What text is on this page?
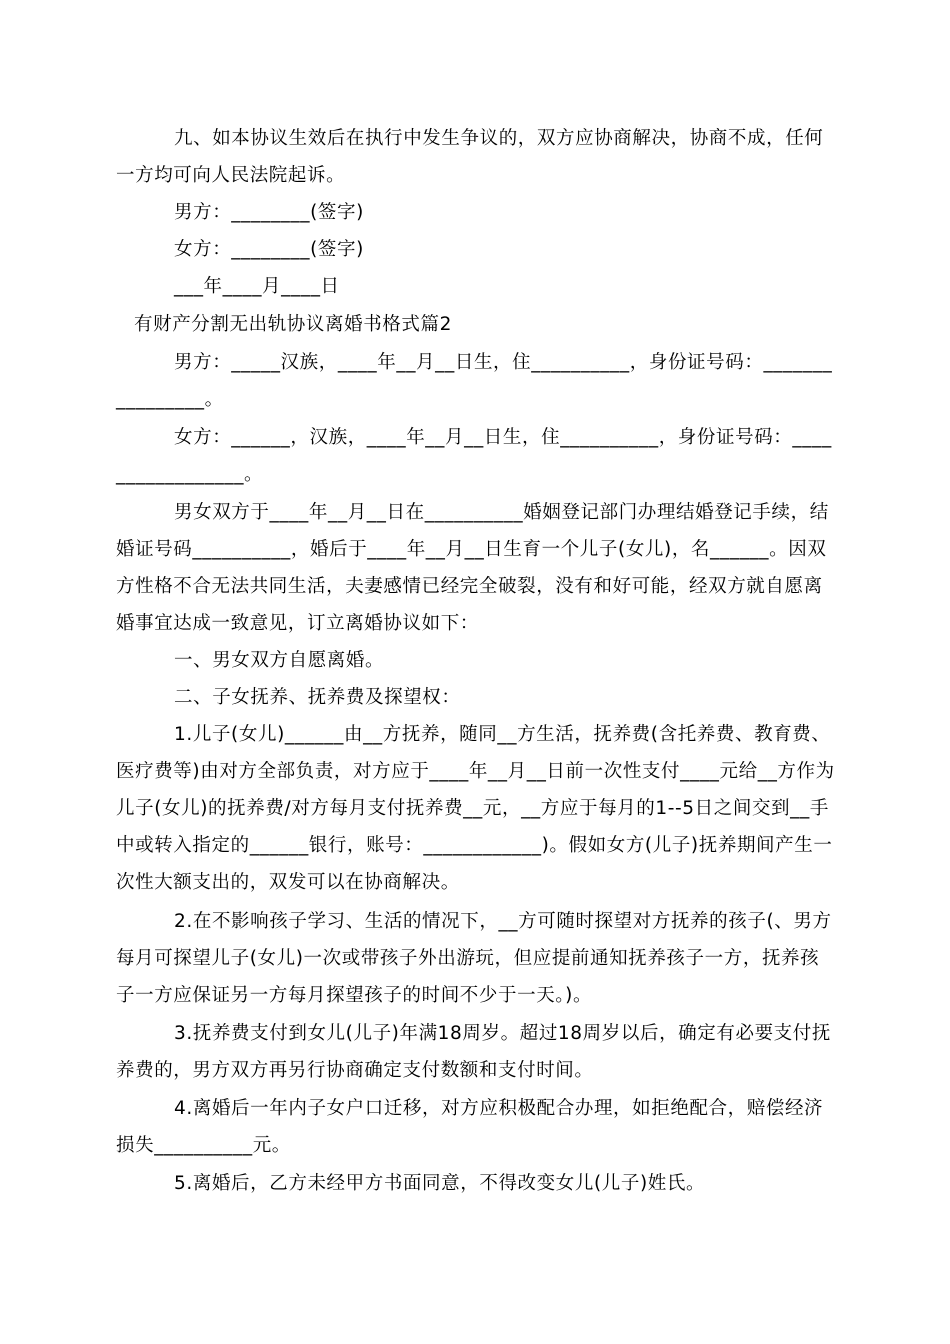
九、如本协议生效后在执行中发生争议的，双方应协商解决，协商不成，任何一方均可向人民法院起诉。

男方：________(签字)

女方：________(签字)

___年____月____日

有财产分割无出轨协议离婚书格式篇2

男方：_____汉族，____年__月__日生，住__________，身份证号码：________________。

女方：______，汉族，____年__月__日生，住__________，身份证号码：_________________。

男女双方于____年__月__日在__________婚姻登记部门办理结婚登记手续，结婚证号码__________，婚后于____年__月__日生育一个儿子(女儿)，名______。因双方性格不合无法共同生活，夫妻感情已经完全破裂，没有和好可能，经双方就自愿离婚事宜达成一致意见，订立离婚协议如下：

一、男女双方自愿离婚。

二、子女抚养、抚养费及探望权：

1.儿子(女儿)______由__方抚养，随同__方生活，抚养费(含托养费、教育费、医疗费等)由对方全部负责，对方应于____年__月__日前一次性支付____元给__方作为儿子(女儿)的抚养费/对方每月支付抚养费__元，__方应于每月的1--5日之间交到__手中或转入指定的______银行，账号：____________)。假如女方(儿子)抚养期间产生一次性大额支出的，双发可以在协商解决。

2.在不影响孩子学习、生活的情况下，__方可随时探望对方抚养的孩子(、男方每月可探望儿子(女儿)一次或带孩子外出游玩，但应提前通知抚养孩子一方，抚养孩子一方应保证另一方每月探望孩子的时间不少于一天。)。

3.抚养费支付到女儿(儿子)年满18周岁。超过18周岁以后，确定有必要支付抚养费的，男方双方再另行协商确定支付数额和支付时间。

4.离婚后一年内子女户口迁移，对方应积极配合办理，如拒绝配合，赔偿经济损失__________元。

5.离婚后，乙方未经甲方书面同意，不得改变女儿(儿子)姓氏。
